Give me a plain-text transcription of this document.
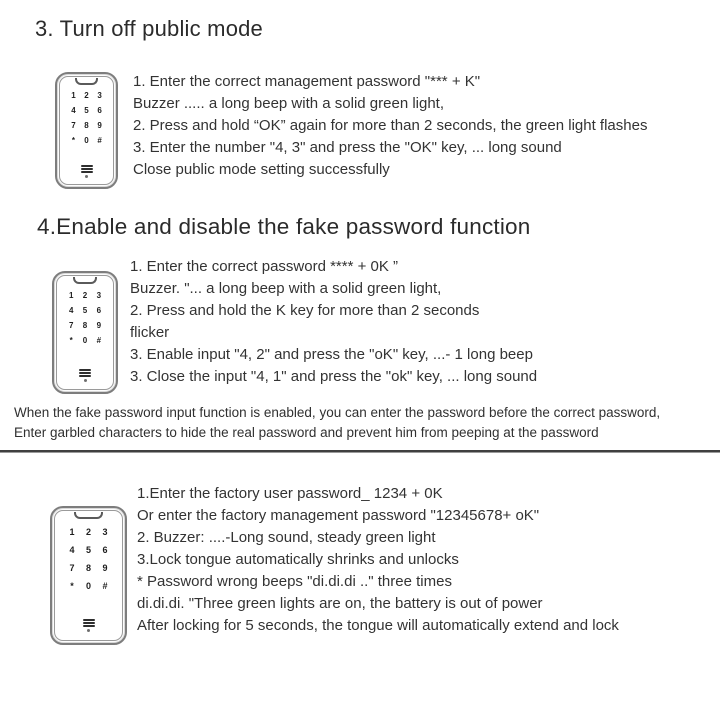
3. Turn off public mode
1 2 3
4 5 6
7 8 9
* 0 #

1. Enter the correct management password "*** + K"

Buzzer ..... a long beep with a solid green light,

2. Press and hold “OK” again for more than 2 seconds, the green light flashes

3. Enter the number "4, 3" and press the "OK" key, ... long sound

Close public mode setting successfully

4.Enable and disable the fake password function
1 2 3
4 5 6
7 8 9
* 0 #

1. Enter the correct password **** + 0K ”

Buzzer. "... a long beep with a solid green light,

2. Press and hold the K key for more than 2 seconds

flicker

3. Enable input "4, 2" and press the "oK" key, ...- 1 long beep

3. Close the input "4, 1" and press the "ok" key, ... long sound

When the fake password input function is enabled, you can enter the password before the correct password,

Enter garbled characters to hide the real password and prevent him from peeping at the password

1 2 3
4 5 6
7 8 9
* 0 #

1.Enter the factory user password_ 1234 + 0K

Or enter the factory management password "12345678+ oK"

2. Buzzer: ....-Long sound, steady green light

3.Lock tongue automatically shrinks and unlocks

* Password wrong beeps "di.di.di .." three times

di.di.di. "Three green lights are on, the battery is out of power

After locking for 5 seconds, the tongue will automatically extend and lock
